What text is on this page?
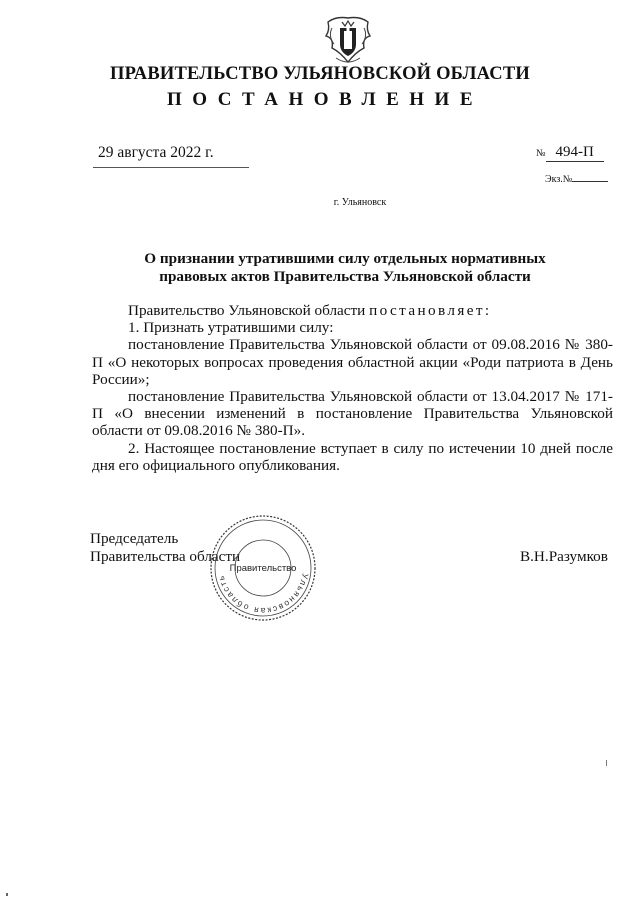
ПРАВИТЕЛЬСТВО УЛЬЯНОВСКОЙ ОБЛАСТИ
ПОСТАНОВЛЕНИЕ
29 августа 2022 г.	№ 494-П
Экз.№
г. Ульяновск
О признании утратившими силу отдельных нормативных
правовых актов Правительства Ульяновской области

Правительство Ульяновской области постановляет:

1. Признать утратившими силу:

постановление Правительства Ульяновской области от 09.08.2016 № 380-П «О некоторых вопросах проведения областной акции «Роди патриота в День России»;

постановление Правительства Ульяновской области от 13.04.2017 № 171-П «О внесении изменений в постановление Правительства Ульяновской области от 09.08.2016 № 380-П».

2. Настоящее постановление вступает в силу по истечении 10 дней после дня его официального опубликования.

Председатель
Правительства области	В.Н.Разумков
Ульяновская область
Правительство
